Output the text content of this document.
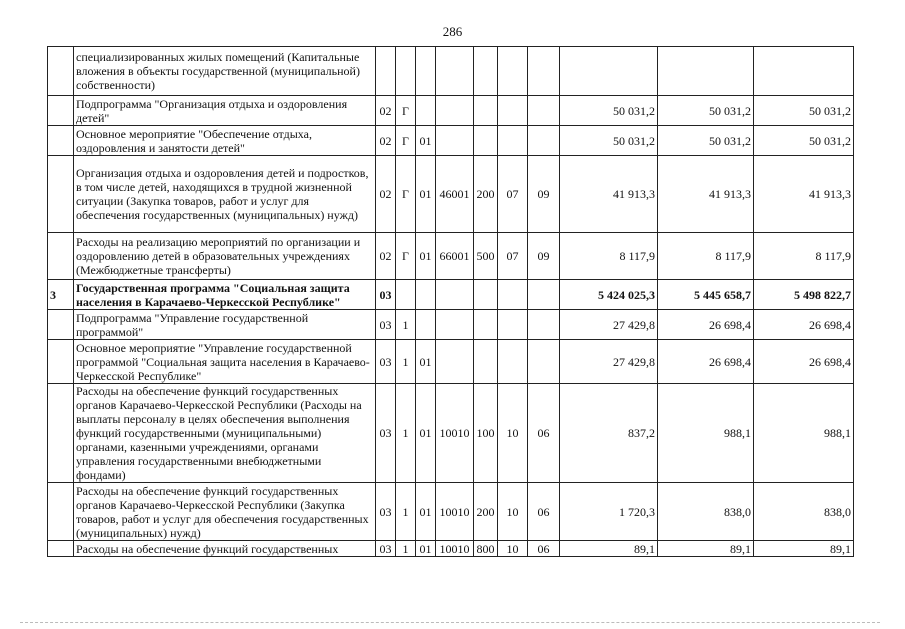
286
	специализированных жилых помещений (Капитальные вложения в объекты государственной (муниципальной) собственности)										
	Подпрограмма "Организация отдыха и оздоровления детей"	02	Г						50 031,2	50 031,2	50 031,2
	Основное мероприятие "Обеспечение отдыха, оздоровления и занятости детей"	02	Г	01					50 031,2	50 031,2	50 031,2
	Организация отдыха и оздоровления детей и подростков, в том числе детей, находящихся в трудной жизненной ситуации (Закупка товаров, работ и услуг для обеспечения государственных (муниципальных) нужд)	02	Г	01	46001	200	07	09	41 913,3	41 913,3	41 913,3
	Расходы на реализацию мероприятий по организации и оздоровлению детей в образовательных учреждениях (Межбюджетные трансферты)	02	Г	01	66001	500	07	09	8 117,9	8 117,9	8 117,9
3	Государственная программа "Социальная защита населения в Карачаево-Черкесской Республике"	03							5 424 025,3	5 445 658,7	5 498 822,7
	Подпрограмма "Управление государственной программой"	03	1						27 429,8	26 698,4	26 698,4
	Основное мероприятие "Управление государственной программой "Социальная защита населения в Карачаево-Черкесской Республике"	03	1	01					27 429,8	26 698,4	26 698,4
	Расходы на обеспечение функций государственных органов Карачаево-Черкесской Республики (Расходы на выплаты персоналу в целях обеспечения выполнения функций государственными (муниципальными) органами, казенными учреждениями, органами управления государственными внебюджетными фондами)	03	1	01	10010	100	10	06	837,2	988,1	988,1
	Расходы на обеспечение функций государственных органов Карачаево-Черкесской Республики (Закупка товаров, работ и услуг для обеспечения государственных (муниципальных) нужд)	03	1	01	10010	200	10	06	1 720,3	838,0	838,0
	Расходы на обеспечение функций государственных	03	1	01	10010	800	10	06	89,1	89,1	89,1
